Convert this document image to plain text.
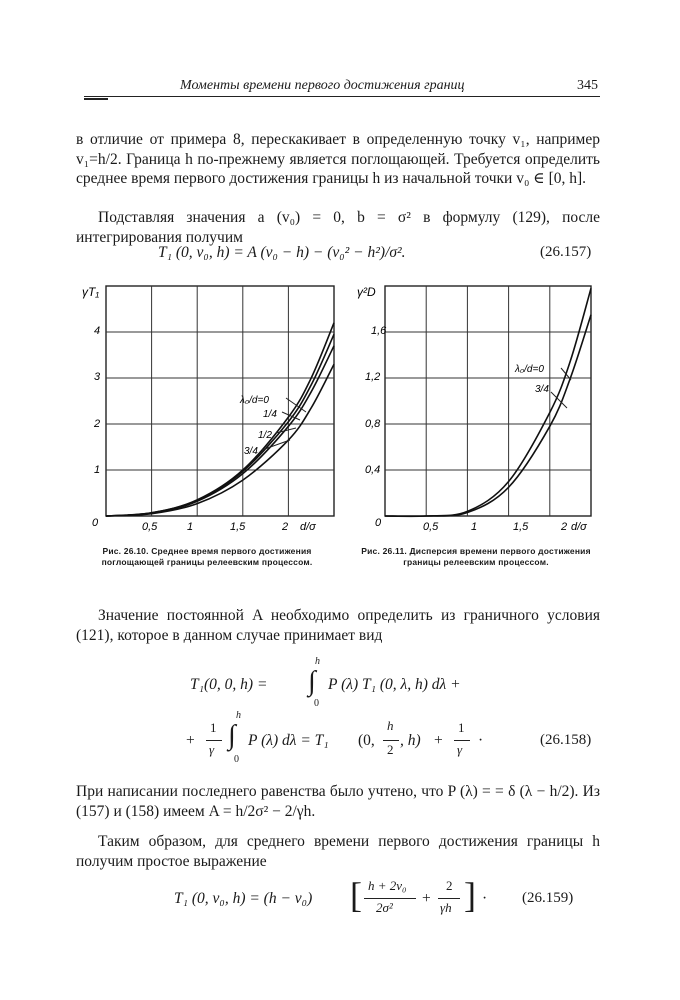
Моменты времени первого достижения границ	345

в отличие от примера 8, перескакивает в определенную точку v₁, например v₁=h/2. Граница h по-прежнему является поглощающей. Требуется определить среднее время первого достижения границы h из начальной точки v₀ ∈ [0, h].

Подставляя значения a (v₀) = 0, b = σ² в формулу (129), после интегрирования получим

T₁ (0, v₀, h) = A (v₀ − h) − (v₀² − h²)/σ².	(26.157)
γT₁
4
3
2
1
0	0,5	1	1,5	2 d/σ
λ₀/d=0
1/4
1/2
3/4
Рис. 26.10. Среднее время первого достижения поглощающей границы релеевским процессом.
γ²D
1,6
1,2
0,8
0,4
0	0,5	1	1,5	2 d/σ
λ₀/d=0
3/4
Рис. 26.11. Дисперсия времени первого достижения границы релеевским процессом.

Значение постоянной A необходимо определить из граничного условия (121), которое в данном случае принимает вид

T₁(0, 0, h) =
h
∫
0
P (λ) T₁ (0, λ, h) dλ +
+
1
γ
h
∫
0
P (λ) dλ = T₁ (0,
h
2
, h) +
1
γ
·	(26.158)

При написании последнего равенства было учтено, что P (λ) = = δ (λ − h/2). Из (157) и (158) имеем A = h/2σ² − 2/γh.

Таким образом, для среднего времени первого достижения границы h получим простое выражение

T₁ (0, v₀, h) = (h − v₀) [ h + 2v₀
2σ²
+
2
γh ] · (26.159)
